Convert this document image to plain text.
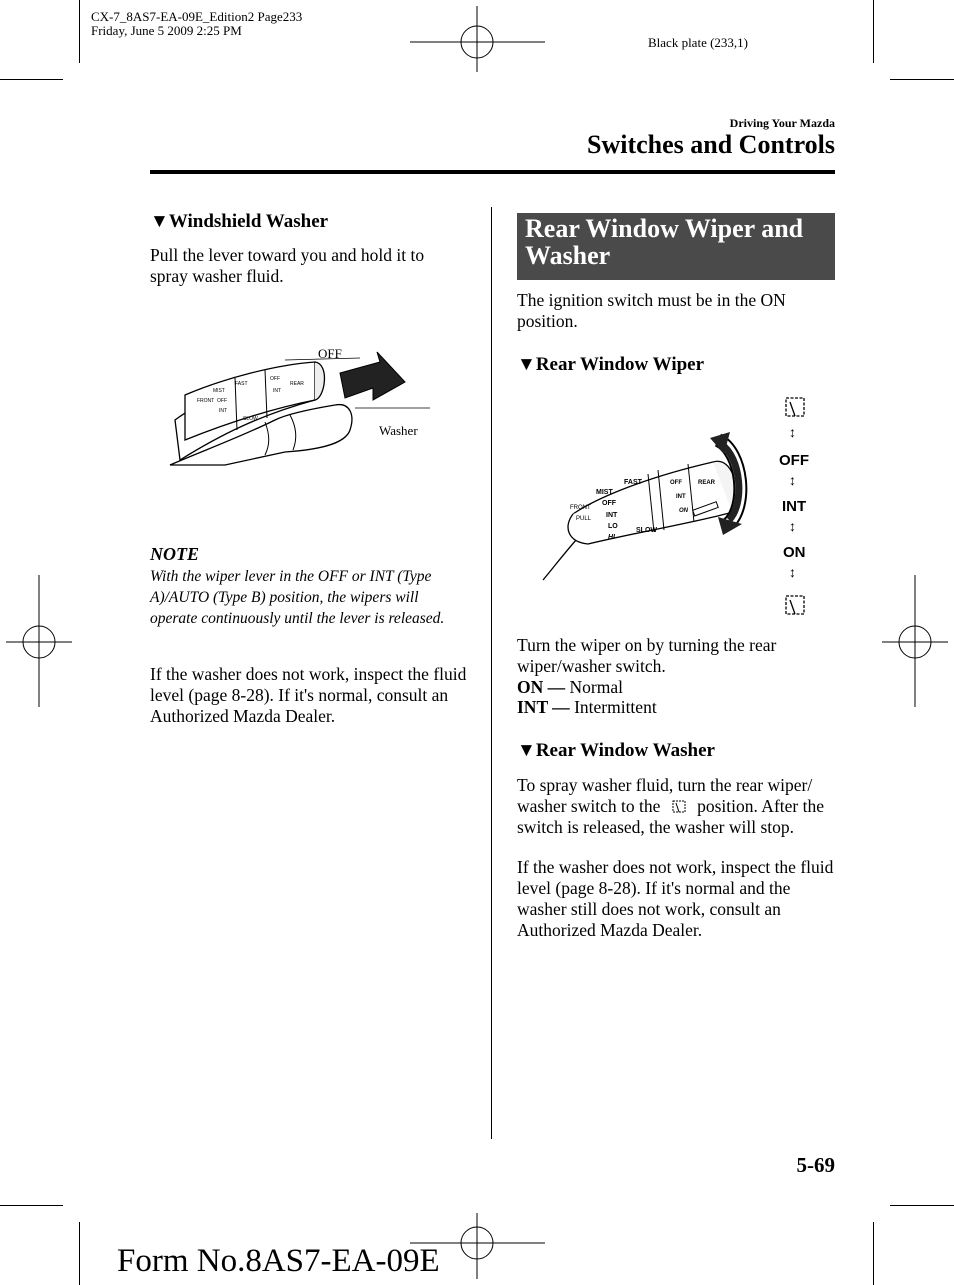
CX-7_8AS7-EA-09E_Edition2 Page233
Friday, June 5 2009 2:25 PM
Black plate (233,1)
Driving Your Mazda
Switches and Controls
▼Windshield Washer
Pull the lever toward you and hold it to spray washer fluid.
FRONT
MIST
OFF
INT
FAST
OFF
INT
REAR
SLOW
OFF
Washer
NOTE
With the wiper lever in the OFF or INT (Type A)/AUTO (Type B) position, the wipers will operate continuously until the lever is released.
If the washer does not work, inspect the fluid level (page 8-28). If it's normal, consult an Authorized Mazda Dealer.
Rear Window Wiper and Washer
The ignition switch must be in the ON position.
▼Rear Window Wiper
FRONT
PULL
MIST
OFF
INT
LO
HI
FAST
SLOW
OFF
INT
ON
REAR
↕
OFF
↕
INT
↕
ON
↕
Turn the wiper on by turning the rear wiper/washer switch.
ON — Normal
INT — Intermittent
▼Rear Window Washer
To spray washer fluid, turn the rear wiper/ washer switch to the position. After the switch is released, the washer will stop.
If the washer does not work, inspect the fluid level (page 8-28). If it's normal and the washer still does not work, consult an Authorized Mazda Dealer.
5-69
Form No.8AS7-EA-09E
